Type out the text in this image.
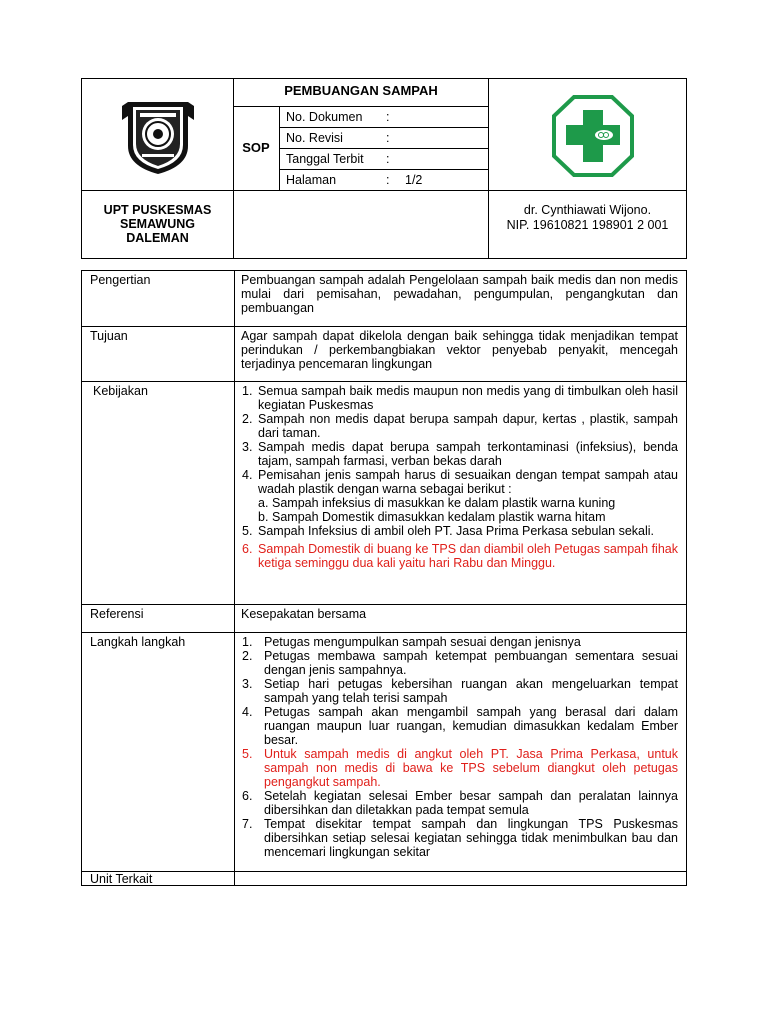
PEMBUANGAN SAMPAH
SOP
No. Dokumen :
No. Revisi	:
Tanggal Terbit :
Halaman	: 1/2
UPT PUSKESMAS
SEMAWUNG
DALEMAN
dr. Cynthiawati Wijono.
NIP. 19610821 198901 2 001
Pengertian	Pembuangan sampah adalah Pengelolaan sampah baik medis dan non medis mulai dari pemisahan, pewadahan, pengumpulan, pengangkutan dan pembuangan
Tujuan	Agar sampah dapat dikelola dengan baik sehingga tidak menjadikan tempat perindukan / perkembangbiakan vektor penyebab penyakit, mencegah terjadinya pencemaran lingkungan
Kebijakan	1. Semua sampah baik medis maupun non medis yang di timbulkan oleh hasil kegiatan Puskesmas
2. Sampah non medis dapat berupa sampah dapur, kertas , plastik, sampah dari taman.
3. Sampah medis dapat berupa sampah terkontaminasi (infeksius), benda tajam, sampah farmasi, verban bekas darah
4. Pemisahan jenis sampah harus di sesuaikan dengan tempat sampah atau wadah plastik dengan warna sebagai berikut :
a. Sampah infeksius di masukkan ke dalam plastik warna kuning
b. Sampah Domestik dimasukkan kedalam plastik warna hitam
5. Sampah Infeksius di ambil oleh PT. Jasa Prima Perkasa sebulan sekali.
6. Sampah Domestik di buang ke TPS dan diambil oleh Petugas sampah fihak ketiga seminggu dua kali yaitu hari Rabu dan Minggu.
Referensi	Kesepakatan bersama
Langkah langkah	1. Petugas mengumpulkan sampah sesuai dengan jenisnya
2. Petugas membawa sampah ketempat pembuangan sementara sesuai dengan jenis sampahnya.
3. Setiap hari petugas kebersihan ruangan akan mengeluarkan tempat sampah yang telah terisi sampah
4. Petugas sampah akan mengambil sampah yang berasal dari dalam ruangan maupun luar ruangan, kemudian dimasukkan kedalam Ember besar.
5. Untuk sampah medis di angkut oleh PT. Jasa Prima Perkasa, untuk sampah non medis di bawa ke TPS sebelum diangkut oleh petugas pengangkut sampah.
6. Setelah kegiatan selesai Ember besar sampah dan peralatan lainnya dibersihkan dan diletakkan pada tempat semula
7. Tempat disekitar tempat sampah dan lingkungan TPS Puskesmas dibersihkan setiap selesai kegiatan sehingga tidak menimbulkan bau dan mencemari lingkungan sekitar
Unit Terkait
